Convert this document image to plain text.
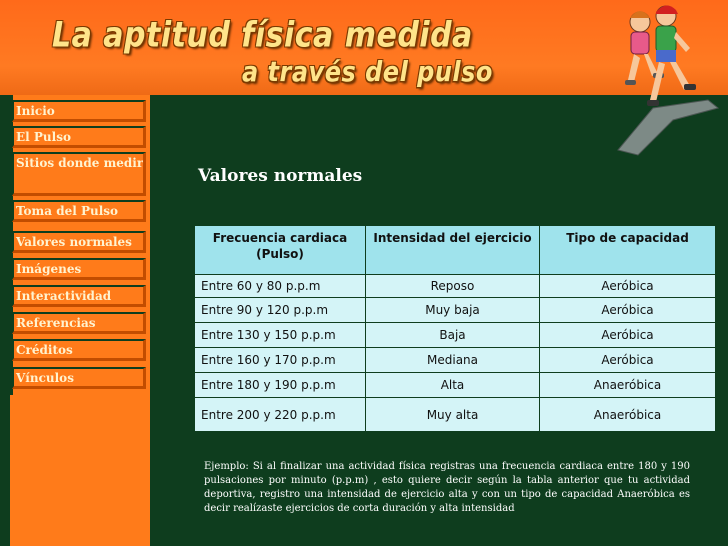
La aptitud física medida
a través del pulso
Inicio
El Pulso
Sitios donde medir
Toma del Pulso
Valores normales
Imágenes
Interactividad
Referencias
Créditos
Vínculos
Valores normales
Frecuencia cardiaca (Pulso)	Intensidad del ejercicio	Tipo de capacidad
Entre 60 y 80 p.p.m	Reposo	Aeróbica
Entre 90 y 120 p.p.m	Muy baja	Aeróbica
Entre 130 y 150 p.p.m	Baja	Aeróbica
Entre 160 y 170 p.p.m	Mediana	Aeróbica
Entre 180 y 190 p.p.m	Alta	Anaeróbica
Entre 200 y 220 p.p.m	Muy alta	Anaeróbica

Ejemplo: Si al finalizar una actividad física registras una frecuencia cardiaca entre 180 y 190 pulsaciones por minuto (p.p.m) , esto quiere decir según la tabla anterior que tu actividad deportiva, registro una intensidad de ejercicio alta y con un tipo de capacidad Anaeróbica es decir realízaste ejercicios de corta duración y alta intensidad
